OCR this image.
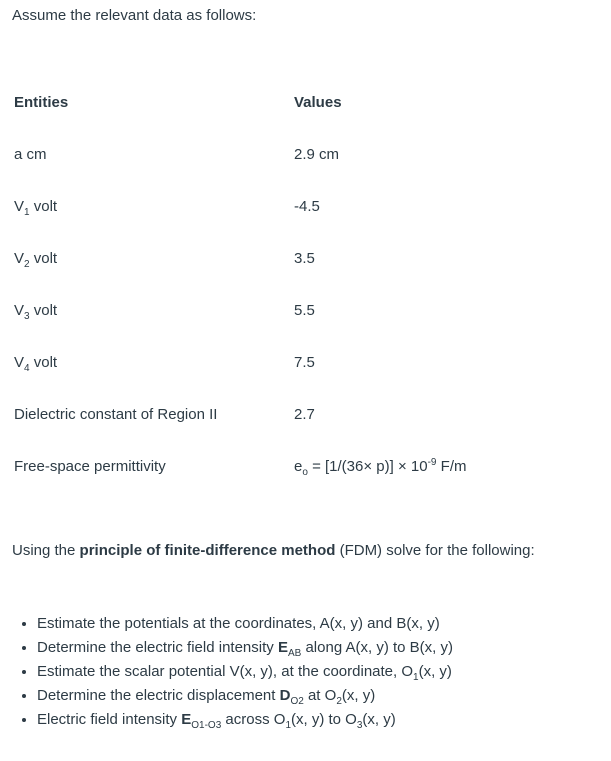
Assume the relevant data as follows:
Entities	Values
a cm	2.9 cm
$V_1$ volt	-4.5
$V_2$ volt	3.5
$V_3$ volt	5.5
$V_4$ volt	7.5
Dielectric constant of Region II	2.7
Free-space permittivity	$e_o = [1/(36\times p)] \times 10^{-9}$ F/m
Using the principle of finite-difference method (FDM) solve for the following:
• Estimate the potentials at the coordinates, A(x, y) and B(x, y)
• Determine the electric field intensity $E_{AB}$ along A(x, y) to B(x, y)
• Estimate the scalar potential V(x, y), at the coordinate, $O_1(x$, y)
• Determine the electric displacement $D_{O2}$ at $O_2(x$, y)
• Electric field intensity $E_{O1-O3}$ across $O_1(x$, y) to $O_3(x$, y)
